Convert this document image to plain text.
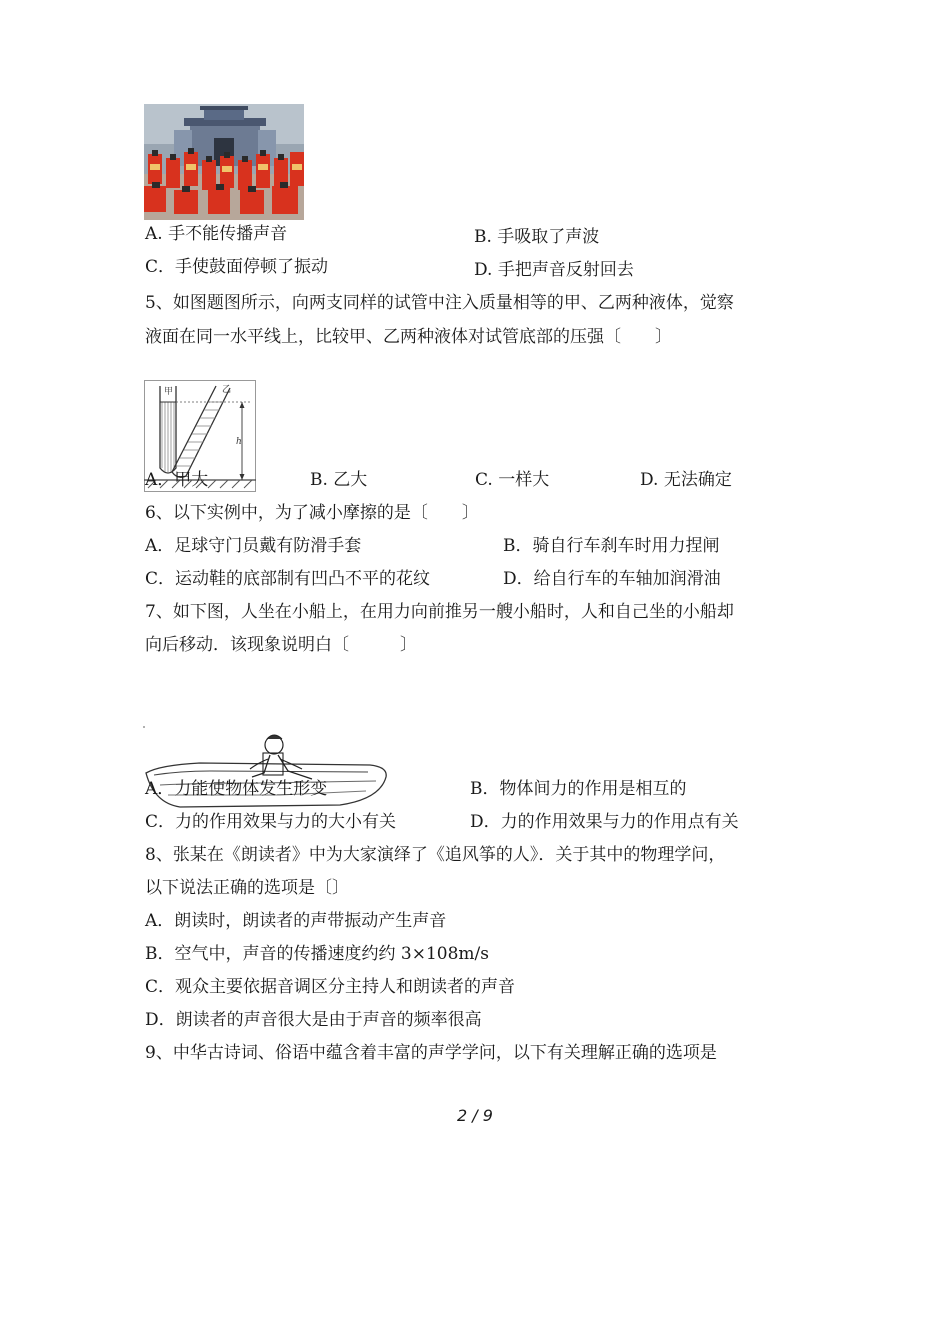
A. 手不能传播声音	B. 手吸取了声波
C．手使鼓面停顿了振动	D. 手把声音反射回去
5、如图题图所示，向两支同样的试管中注入质量相等的甲、乙两种液体，觉察
液面在同一水平线上，比较甲、乙两种液体对试管底部的压强〔　　〕
甲	乙
h
A．甲大	B. 乙大	C. 一样大	D. 无法确定
6、以下实例中，为了减小摩擦的是〔　　〕
A．足球守门员戴有防滑手套	B．骑自行车刹车时用力捏闸
C．运动鞋的底部制有凹凸不平的花纹	D．给自行车的车轴加润滑油
7、如下图，人坐在小船上，在用力向前推另一艘小船时，人和自己坐的小船却
向后移动．该现象说明白〔　　　〕
A．力能使物体发生形变	B．物体间力的作用是相互的
C．力的作用效果与力的大小有关	D．力的作用效果与力的作用点有关
8、张某在《朗读者》中为大家演绎了《追风筝的人》．关于其中的物理学问，
以下说法正确的选项是〔〕
A．朗读时，朗读者的声带振动产生声音
B．空气中，声音的传播速度约约 3×108m/s
C．观众主要依据音调区分主持人和朗读者的声音
D．朗读者的声音很大是由于声音的频率很高
9、中华古诗词、俗语中蕴含着丰富的声学学问，以下有关理解正确的选项是
2 / 9
